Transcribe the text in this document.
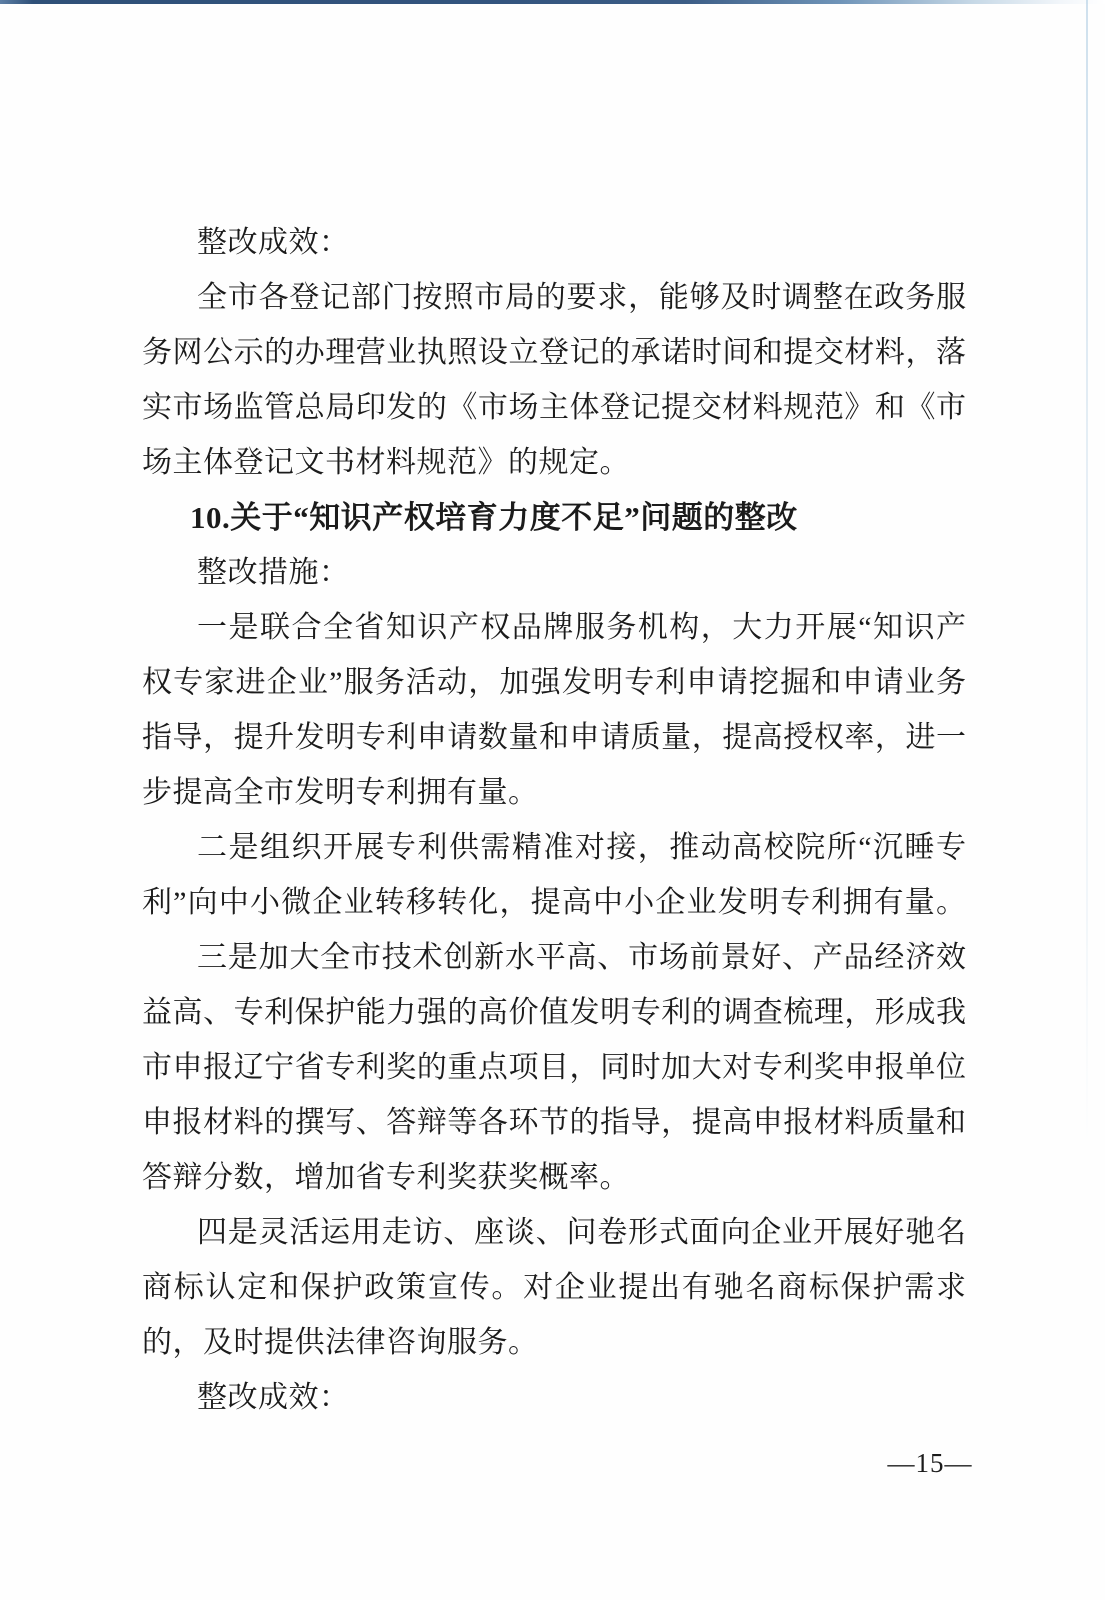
整改成效：
全市各登记部门按照市局的要求，能够及时调整在政务服
务网公示的办理营业执照设立登记的承诺时间和提交材料，落
实市场监管总局印发的《市场主体登记提交材料规范》和《市
场主体登记文书材料规范》的规定。
10.关于“知识产权培育力度不足”问题的整改
整改措施：
一是联合全省知识产权品牌服务机构，大力开展“知识产
权专家进企业”服务活动，加强发明专利申请挖掘和申请业务
指导，提升发明专利申请数量和申请质量，提高授权率，进一
步提高全市发明专利拥有量。
二是组织开展专利供需精准对接，推动高校院所“沉睡专
利”向中小微企业转移转化，提高中小企业发明专利拥有量。
三是加大全市技术创新水平高、市场前景好、产品经济效
益高、专利保护能力强的高价值发明专利的调查梳理，形成我
市申报辽宁省专利奖的重点项目，同时加大对专利奖申报单位
申报材料的撰写、答辩等各环节的指导，提高申报材料质量和
答辩分数，增加省专利奖获奖概率。
四是灵活运用走访、座谈、问卷形式面向企业开展好驰名
商标认定和保护政策宣传。对企业提出有驰名商标保护需求
的，及时提供法律咨询服务。
整改成效：
—15—
